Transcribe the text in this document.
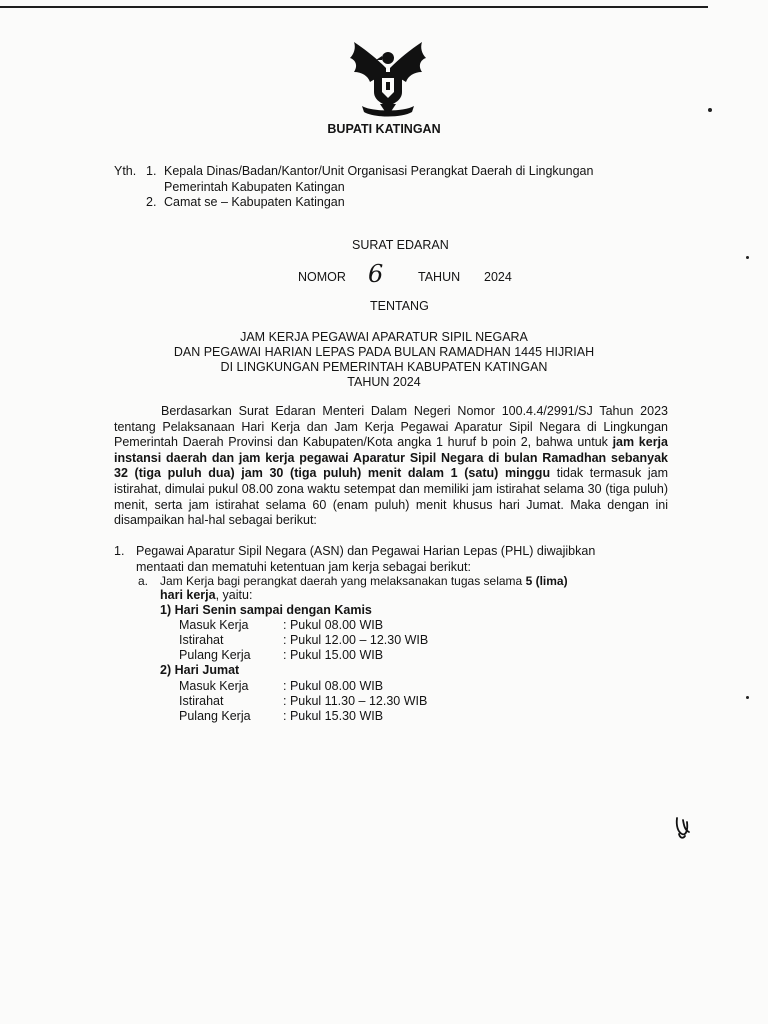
BUPATI KATINGAN
Yth. 1. Kepala Dinas/Badan/Kantor/Unit Organisasi Perangkat Daerah di Lingkungan
Pemerintah Kabupaten Katingan
2. Camat se – Kabupaten Katingan
SURAT EDARAN
NOMOR 6	TAHUN 2024
TENTANG
JAM KERJA PEGAWAI APARATUR SIPIL NEGARA
DAN PEGAWAI HARIAN LEPAS PADA BULAN RAMADHAN 1445 HIJRIAH
DI LINGKUNGAN PEMERINTAH KABUPATEN KATINGAN
TAHUN 2024
Berdasarkan Surat Edaran Menteri Dalam Negeri Nomor 100.4.4/2991/SJ Tahun 2023 tentang Pelaksanaan Hari Kerja dan Jam Kerja Pegawai Aparatur Sipil Negara di Lingkungan Pemerintah Daerah Provinsi dan Kabupaten/Kota angka 1 huruf b poin 2, bahwa untuk jam kerja instansi daerah dan jam kerja pegawai Aparatur Sipil Negara di bulan Ramadhan sebanyak 32 (tiga puluh dua) jam 30 (tiga puluh) menit dalam 1 (satu) minggu tidak termasuk jam istirahat, dimulai pukul 08.00 zona waktu setempat dan memiliki jam istirahat selama 30 (tiga puluh) menit, serta jam istirahat selama 60 (enam puluh) menit khusus hari Jumat. Maka dengan ini disampaikan hal-hal sebagai berikut:
1. Pegawai Aparatur Sipil Negara (ASN) dan Pegawai Harian Lepas (PHL) diwajibkan
mentaati dan mematuhi ketentuan jam kerja sebagai berikut:
a. Jam Kerja bagi perangkat daerah yang melaksanakan tugas selama 5 (lima)
hari kerja, yaitu:
1) Hari Senin sampai dengan Kamis
Masuk Kerja	: Pukul 08.00 WIB
Istirahat	: Pukul 12.00 – 12.30 WIB
Pulang Kerja	: Pukul 15.00 WIB
2) Hari Jumat
Masuk Kerja	: Pukul 08.00 WIB
Istirahat	: Pukul 11.30 – 12.30 WIB
Pulang Kerja	: Pukul 15.30 WIB
